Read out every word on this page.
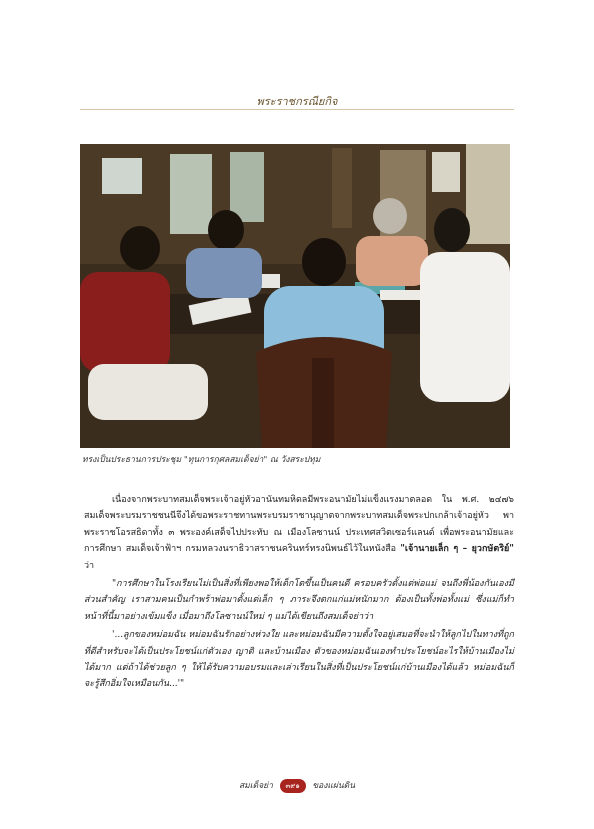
พระราชกรณียกิจ
ทรงเป็นประธานการประชุม "ทุนการกุศลสมเด็จย่า" ณ วังสระปทุม

เนื่องจากพระบาทสมเด็จพระเจ้าอยู่หัวอานันทมหิดลมีพระอนามัยไม่แข็งแรงมาตลอด ใน พ.ศ. ๒๔๗๖ สมเด็จพระบรมราชชนนีจึงได้ขอพระราชทานพระบรมราชานุญาตจากพระบาทสมเด็จพระปกเกล้าเจ้าอยู่หัว พาพระราชโอรสธิดาทั้ง ๓ พระองค์เสด็จไปประทับ ณ เมืองโลซานน์ ประเทศสวิตเซอร์แลนด์ เพื่อพระอนามัยและการศึกษา สมเด็จเจ้าฟ้าฯ กรมหลวงนราธิวาสราชนครินทร์ทรงนิพนธ์ไว้ในหนังสือ "เจ้านายเล็ก ๆ – ยุวกษัตริย์" ว่า

"การศึกษาในโรงเรียนไม่เป็นสิ่งที่เพียงพอให้เด็กโตขึ้นเป็นคนดี ครอบครัวตั้งแต่พ่อแม่ จนถึงพี่น้องกันเองมีส่วนสำคัญ เราสามคนเป็นกำพร้าพ่อมาตั้งแต่เล็ก ๆ ภาระจึงตกแก่แม่หนักมาก ต้องเป็นทั้งพ่อทั้งแม่ ซึ่งแม่ก็ทำหน้าที่นี้มาอย่างเข้มแข็ง เมื่อมาถึงโลซานน์ใหม่ ๆ แม่ได้เขียนถึงสมเด็จย่าว่า

'...ลูกของหม่อมฉัน หม่อมฉันรักอย่างห่วงใย และหม่อมฉันมีความตั้งใจอยู่เสมอที่จะนำให้ลูกไปในทางที่ถูกที่ดีสำหรับจะได้เป็นประโยชน์แก่ตัวเอง ญาติ และบ้านเมือง ตัวของหม่อมฉันเองทำประโยชน์อะไรให้บ้านเมืองไม่ได้มาก แต่ถ้าได้ช่วยลูก ๆ ให้ได้รับความอบรมและเล่าเรียนในสิ่งที่เป็นประโยชน์แก่บ้านเมืองได้แล้ว หม่อมฉันก็จะรู้สึกอิ่มใจเหมือนกัน...'"

สมเด็จย่า ๓๙๑ ของแผ่นดิน
